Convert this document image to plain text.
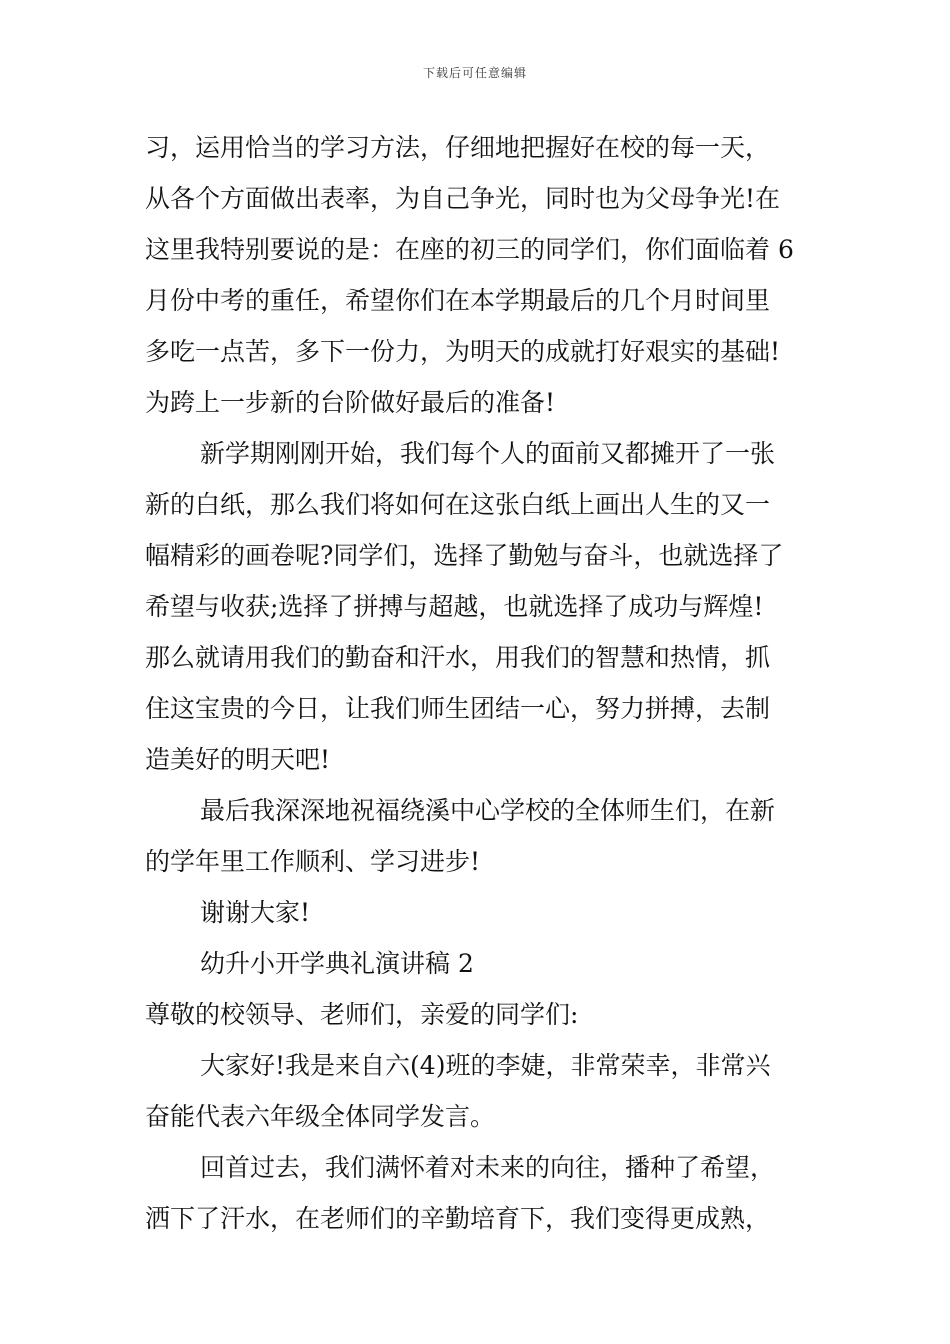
下载后可任意编辑
习，运用恰当的学习方法，仔细地把握好在校的每一天，
从各个方面做出表率，为自己争光，同时也为父母争光!在
这里我特别要说的是：在座的初三的同学们，你们面临着 6
月份中考的重任，希望你们在本学期最后的几个月时间里
多吃一点苦，多下一份力，为明天的成就打好艰实的基础!
为跨上一步新的台阶做好最后的准备!
新学期刚刚开始，我们每个人的面前又都摊开了一张
新的白纸，那么我们将如何在这张白纸上画出人生的又一
幅精彩的画卷呢?同学们，选择了勤勉与奋斗，也就选择了
希望与收获;选择了拼搏与超越，也就选择了成功与辉煌!
那么就请用我们的勤奋和汗水，用我们的智慧和热情，抓
住这宝贵的今日，让我们师生团结一心，努力拼搏，去制
造美好的明天吧!
最后我深深地祝福绕溪中心学校的全体师生们，在新
的学年里工作顺利、学习进步!
谢谢大家!
幼升小开学典礼演讲稿 2
尊敬的校领导、老师们，亲爱的同学们:
大家好!我是来自六(4)班的李婕，非常荣幸，非常兴
奋能代表六年级全体同学发言。
回首过去，我们满怀着对未来的向往，播种了希望，
洒下了汗水，在老师们的辛勤培育下，我们变得更成熟，
